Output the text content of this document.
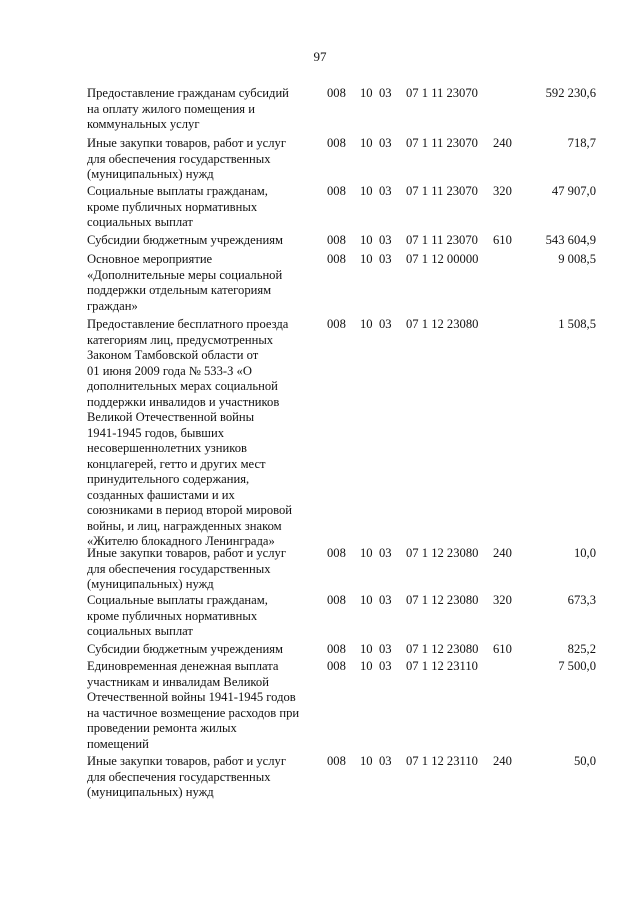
97
Предоставление гражданам субсидий
на оплату жилого помещения и
коммунальных услуг
008 10 03 07 1 11 23070	592 230,6
Иные закупки товаров, работ и услуг
для обеспечения государственных
(муниципальных) нужд
008 10 03 07 1 11 23070 240	718,7
Социальные выплаты гражданам,
кроме публичных нормативных
социальных выплат
008 10 03 07 1 11 23070 320	47 907,0
Субсидии бюджетным учреждениям	008 10 03 07 1 11 23070 610	543 604,9
Основное мероприятие
«Дополнительные меры социальной
поддержки отдельным категориям
граждан»
008 10 03 07 1 12 00000	9 008,5
Предоставление бесплатного проезда
категориям лиц, предусмотренных
Законом Тамбовской области от
01 июня 2009 года № 533-З «О
дополнительных мерах социальной
поддержки инвалидов и участников
Великой Отечественной войны
1941-1945 годов, бывших
несовершеннолетних узников
концлагерей, гетто и других мест
принудительного содержания,
созданных фашистами и их
союзниками в период второй мировой
войны, и лиц, награжденных знаком
«Жителю блокадного Ленинграда»
008 10 03 07 1 12 23080	1 508,5
Иные закупки товаров, работ и услуг
для обеспечения государственных
(муниципальных) нужд
008 10 03 07 1 12 23080 240	10,0
Социальные выплаты гражданам,
кроме публичных нормативных
социальных выплат
008 10 03 07 1 12 23080 320	673,3
Субсидии бюджетным учреждениям	008 10 03 07 1 12 23080 610	825,2
Единовременная денежная выплата
участникам и инвалидам Великой
Отечественной войны 1941-1945 годов
на частичное возмещение расходов при
проведении ремонта жилых
помещений
008 10 03 07 1 12 23110	7 500,0
Иные закупки товаров, работ и услуг
для обеспечения государственных
(муниципальных) нужд
008 10 03 07 1 12 23110 240	50,0
